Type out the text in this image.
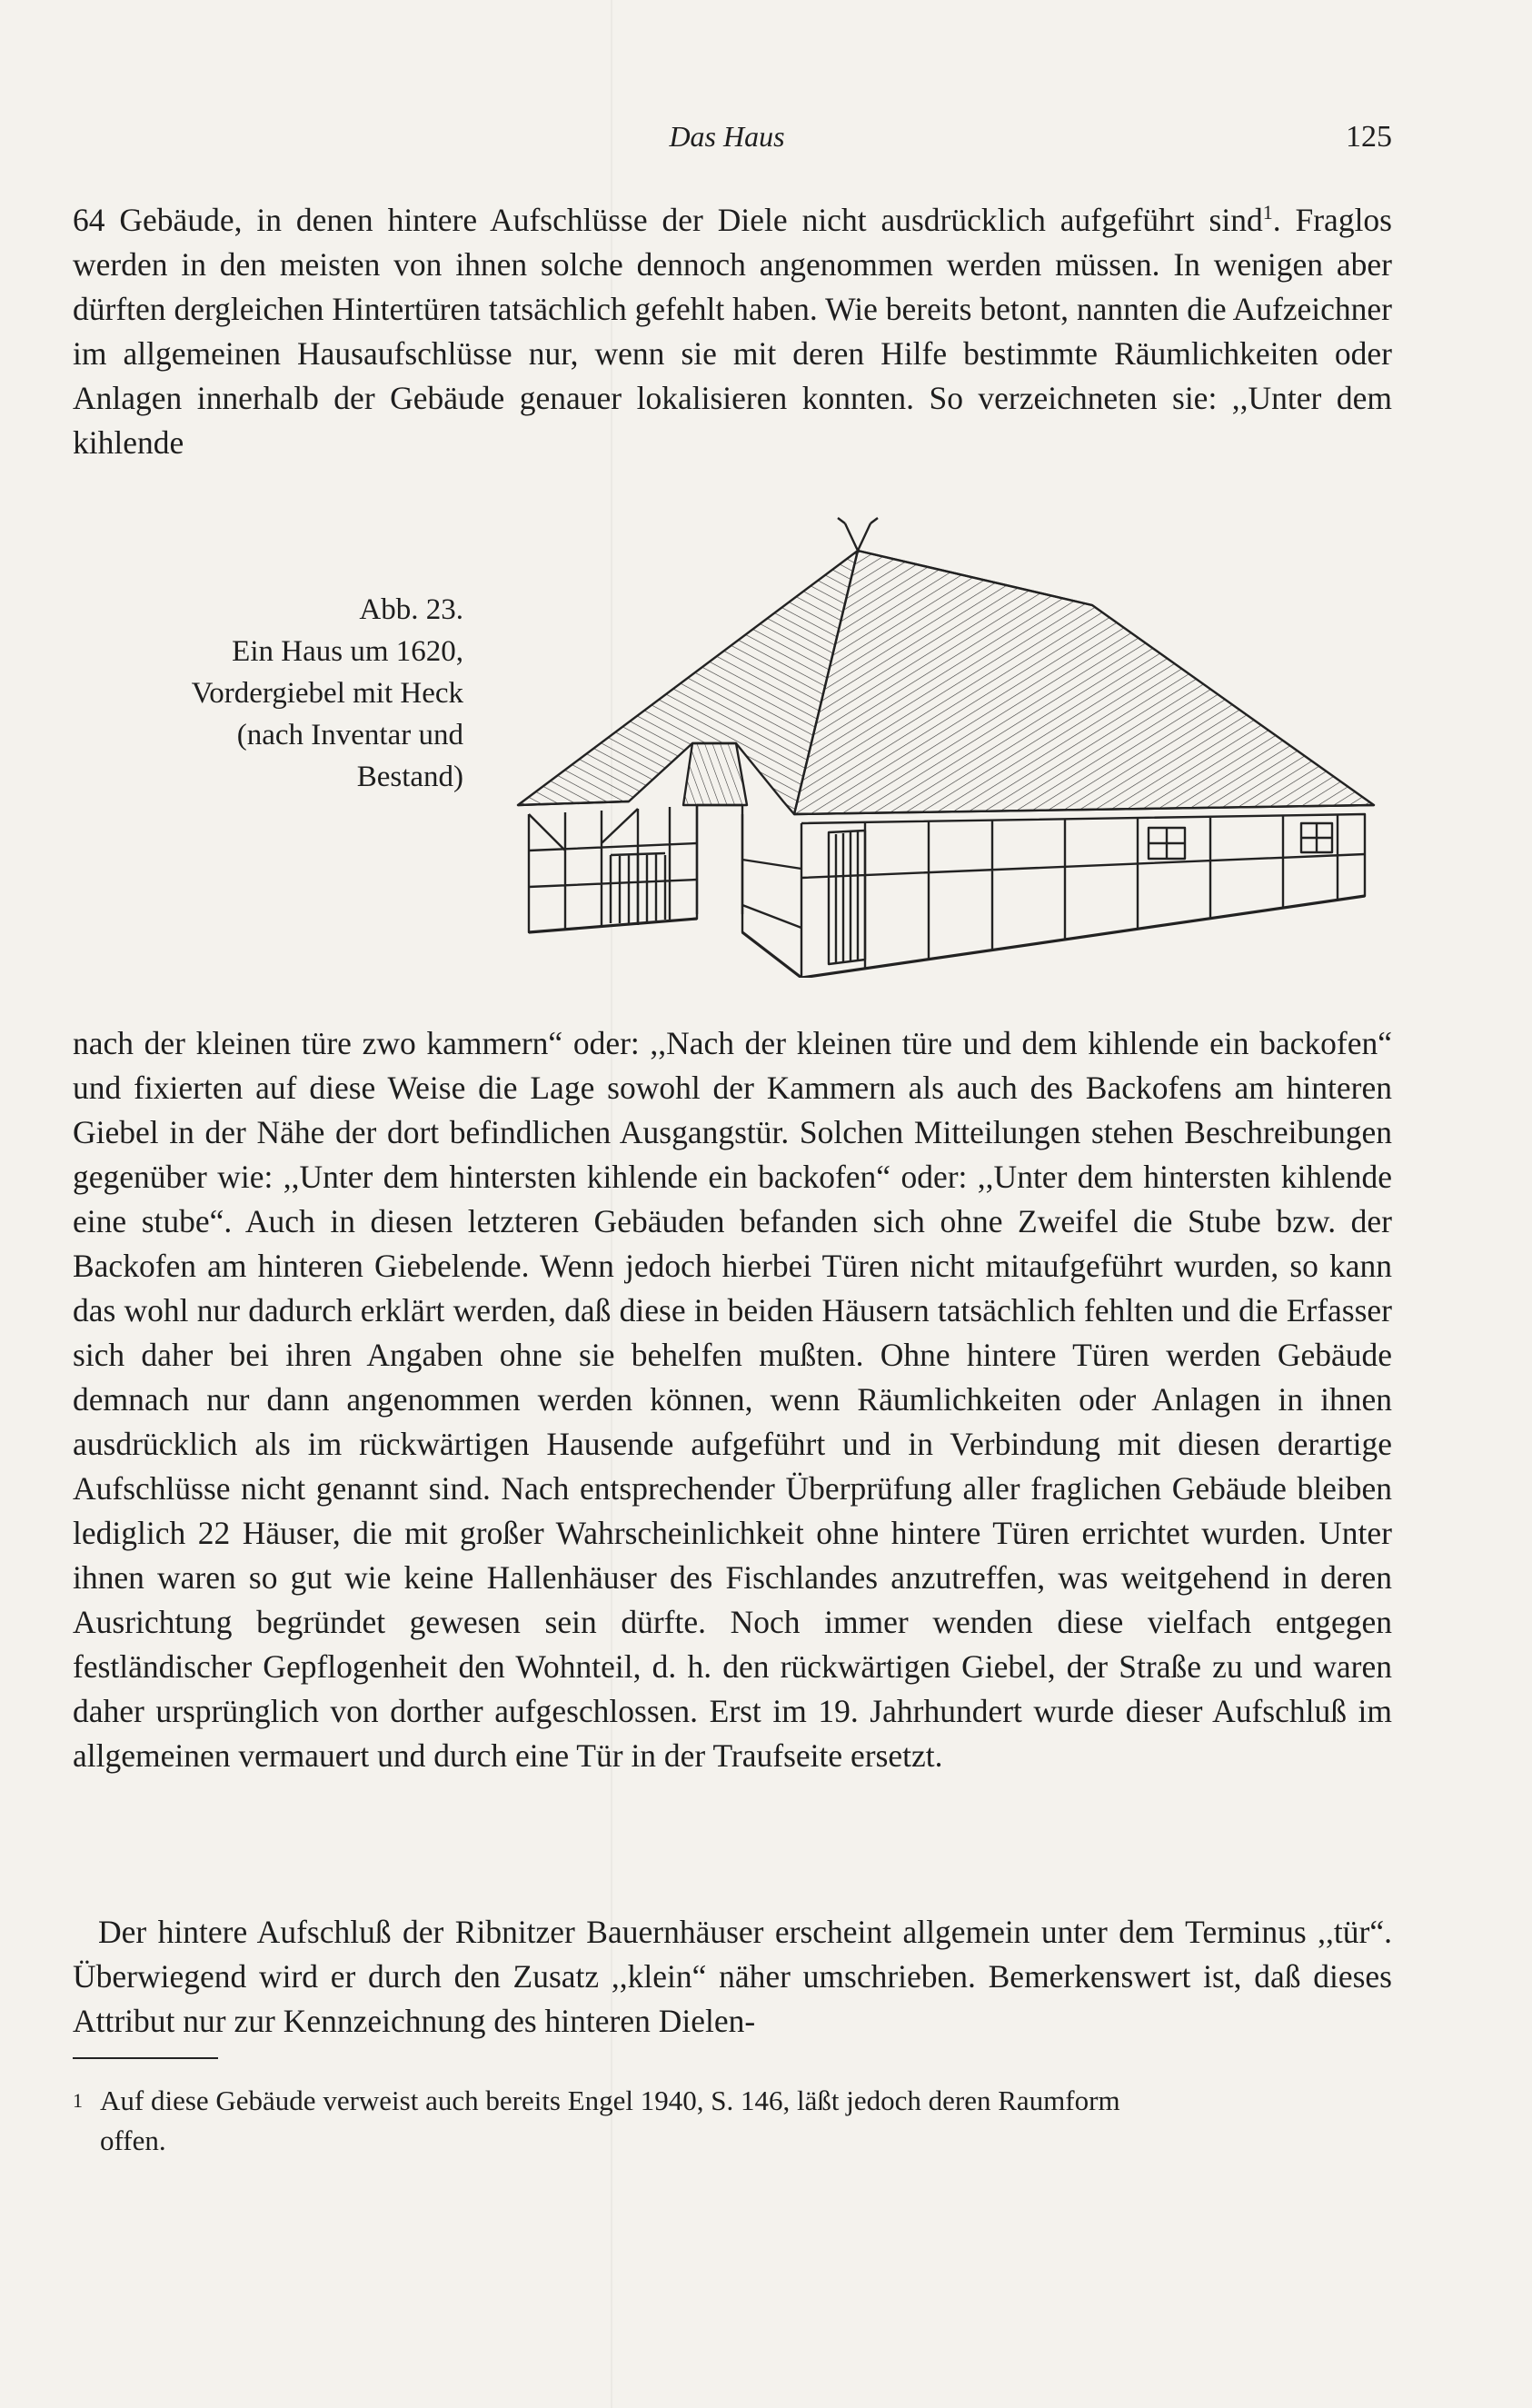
Das Haus	125

64 Gebäude, in denen hintere Aufschlüsse der Diele nicht ausdrücklich aufgeführt sind$^1$. Fraglos werden in den meisten von ihnen solche dennoch angenommen werden müssen. In wenigen aber dürften dergleichen Hintertüren tatsächlich gefehlt haben. Wie bereits betont, nannten die Aufzeichner im allgemeinen Hausaufschlüsse nur, wenn sie mit deren Hilfe bestimmte Räumlichkeiten oder Anlagen innerhalb der Gebäude genauer lokalisieren konnten. So verzeichneten sie: ,,Unter dem kihlende

Abb. 23.
Ein Haus um 1620,
Vordergiebel mit Heck
(nach Inventar und
Bestand)

nach der kleinen türe zwo kammern“ oder: ,,Nach der kleinen türe und dem kihlende ein backofen“ und fixierten auf diese Weise die Lage sowohl der Kammern als auch des Backofens am hinteren Giebel in der Nähe der dort befindlichen Ausgangstür. Solchen Mitteilungen stehen Beschreibungen gegenüber wie: ,,Unter dem hintersten kihlende ein backofen“ oder: ,,Unter dem hintersten kihlende eine stube“. Auch in diesen letzteren Gebäuden befanden sich ohne Zweifel die Stube bzw. der Backofen am hinteren Giebelende. Wenn jedoch hierbei Türen nicht mitaufgeführt wurden, so kann das wohl nur dadurch erklärt werden, daß diese in beiden Häusern tatsächlich fehlten und die Erfasser sich daher bei ihren Angaben ohne sie behelfen mußten. Ohne hintere Türen werden Gebäude demnach nur dann angenommen werden können, wenn Räumlichkeiten oder Anlagen in ihnen ausdrücklich als im rückwärtigen Hausende aufgeführt und in Verbindung mit diesen derartige Aufschlüsse nicht genannt sind. Nach entsprechender Überprüfung aller fraglichen Gebäude bleiben lediglich 22 Häuser, die mit großer Wahrscheinlichkeit ohne hintere Türen errichtet wurden. Unter ihnen waren so gut wie keine Hallenhäuser des Fischlandes anzutreffen, was weitgehend in deren Ausrichtung begründet gewesen sein dürfte. Noch immer wenden diese vielfach entgegen festländischer Gepflogenheit den Wohnteil, d. h. den rückwärtigen Giebel, der Straße zu und waren daher ursprünglich von dorther aufgeschlossen. Erst im 19. Jahrhundert wurde dieser Aufschluß im allgemeinen vermauert und durch eine Tür in der Traufseite ersetzt.

Der hintere Aufschluß der Ribnitzer Bauernhäuser erscheint allgemein unter dem Terminus ,,tür“. Überwiegend wird er durch den Zusatz ,,klein“ näher umschrieben. Bemerkenswert ist, daß dieses Attribut nur zur Kennzeichnung des hinteren Dielen-

1 Auf diese Gebäude verweist auch bereits Engel 1940, S. 146, läßt jedoch deren Raumform
offen.
